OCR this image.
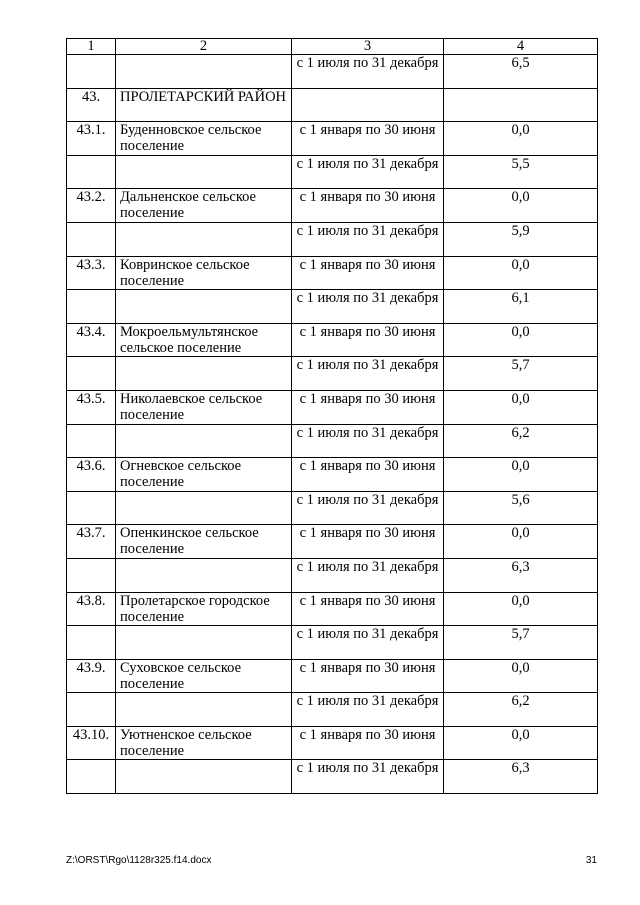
1	2	3	4
		с 1 июля по 31 декабря	6,5
43.	ПРОЛЕТАРСКИЙ РАЙОН		
43.1.	Буденновское сельское поселение	с 1 января по 30 июня	0,0
		с 1 июля по 31 декабря	5,5
43.2.	Дальненское сельское поселение	с 1 января по 30 июня	0,0
		с 1 июля по 31 декабря	5,9
43.3.	Ковринское сельское поселение	с 1 января по 30 июня	0,0
		с 1 июля по 31 декабря	6,1
43.4.	Мокроельмультянское сельское поселение	с 1 января по 30 июня	0,0
		с 1 июля по 31 декабря	5,7
43.5.	Николаевское сельское поселение	с 1 января по 30 июня	0,0
		с 1 июля по 31 декабря	6,2
43.6.	Огневское сельское поселение	с 1 января по 30 июня	0,0
		с 1 июля по 31 декабря	5,6
43.7.	Опенкинское сельское поселение	с 1 января по 30 июня	0,0
		с 1 июля по 31 декабря	6,3
43.8.	Пролетарское городское поселение	с 1 января по 30 июня	0,0
		с 1 июля по 31 декабря	5,7
43.9.	Суховское сельское поселение	с 1 января по 30 июня	0,0
		с 1 июля по 31 декабря	6,2
43.10.	Уютненское сельское поселение	с 1 января по 30 июня	0,0
		с 1 июля по 31 декабря	6,3
Z:\ORST\Rgo\1128r325.f14.docx	31
